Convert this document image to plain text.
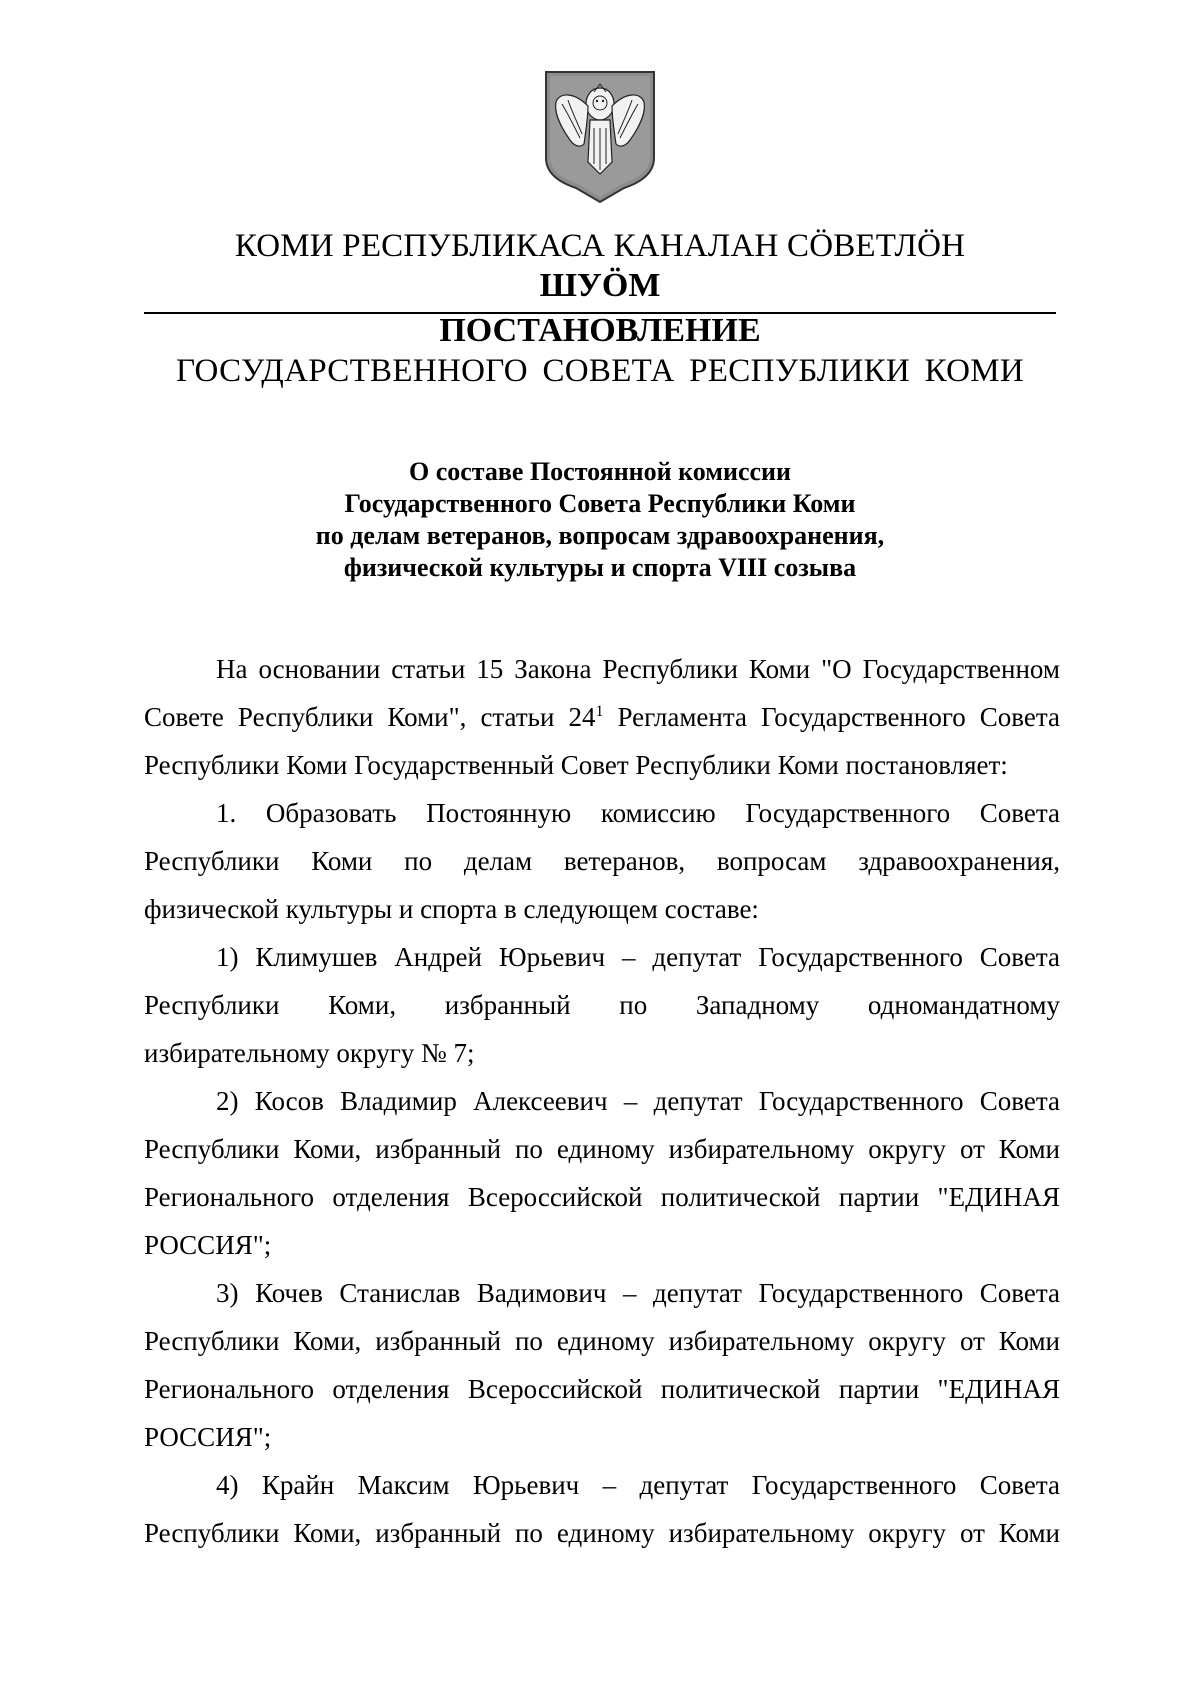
КОМИ РЕСПУБЛИКАСА КАНАЛАН СӦВЕТЛӦН
ШУӦМ
ПОСТАНОВЛЕНИЕ
ГОСУДАРСТВЕННОГО СОВЕТА РЕСПУБЛИКИ КОМИ
О составе Постоянной комиссии
Государственного Совета Республики Коми
по делам ветеранов, вопросам здравоохранения,
физической культуры и спорта VIII созыва
На основании статьи 15 Закона Республики Коми "О Государственном
Совете Республики Коми", статьи $24^1$ Регламента Государственного Совета
Республики Коми Государственный Совет Республики Коми постановляет:
1. Образовать Постоянную комиссию Государственного Совета
Республики Коми по делам ветеранов, вопросам здравоохранения,
физической культуры и спорта в следующем составе:
1) Климушев Андрей Юрьевич – депутат Государственного Совета
Республики Коми, избранный по Западному одномандатному
избирательному округу № 7;
2) Косов Владимир Алексеевич – депутат Государственного Совета
Республики Коми, избранный по единому избирательному округу от Коми
Регионального отделения Всероссийской политической партии "ЕДИНАЯ
РОССИЯ";
3) Кочев Станислав Вадимович – депутат Государственного Совета
Республики Коми, избранный по единому избирательному округу от Коми
Регионального отделения Всероссийской политической партии "ЕДИНАЯ
РОССИЯ";
4) Крайн Максим Юрьевич – депутат Государственного Совета
Республики Коми, избранный по единому избирательному округу от Коми
